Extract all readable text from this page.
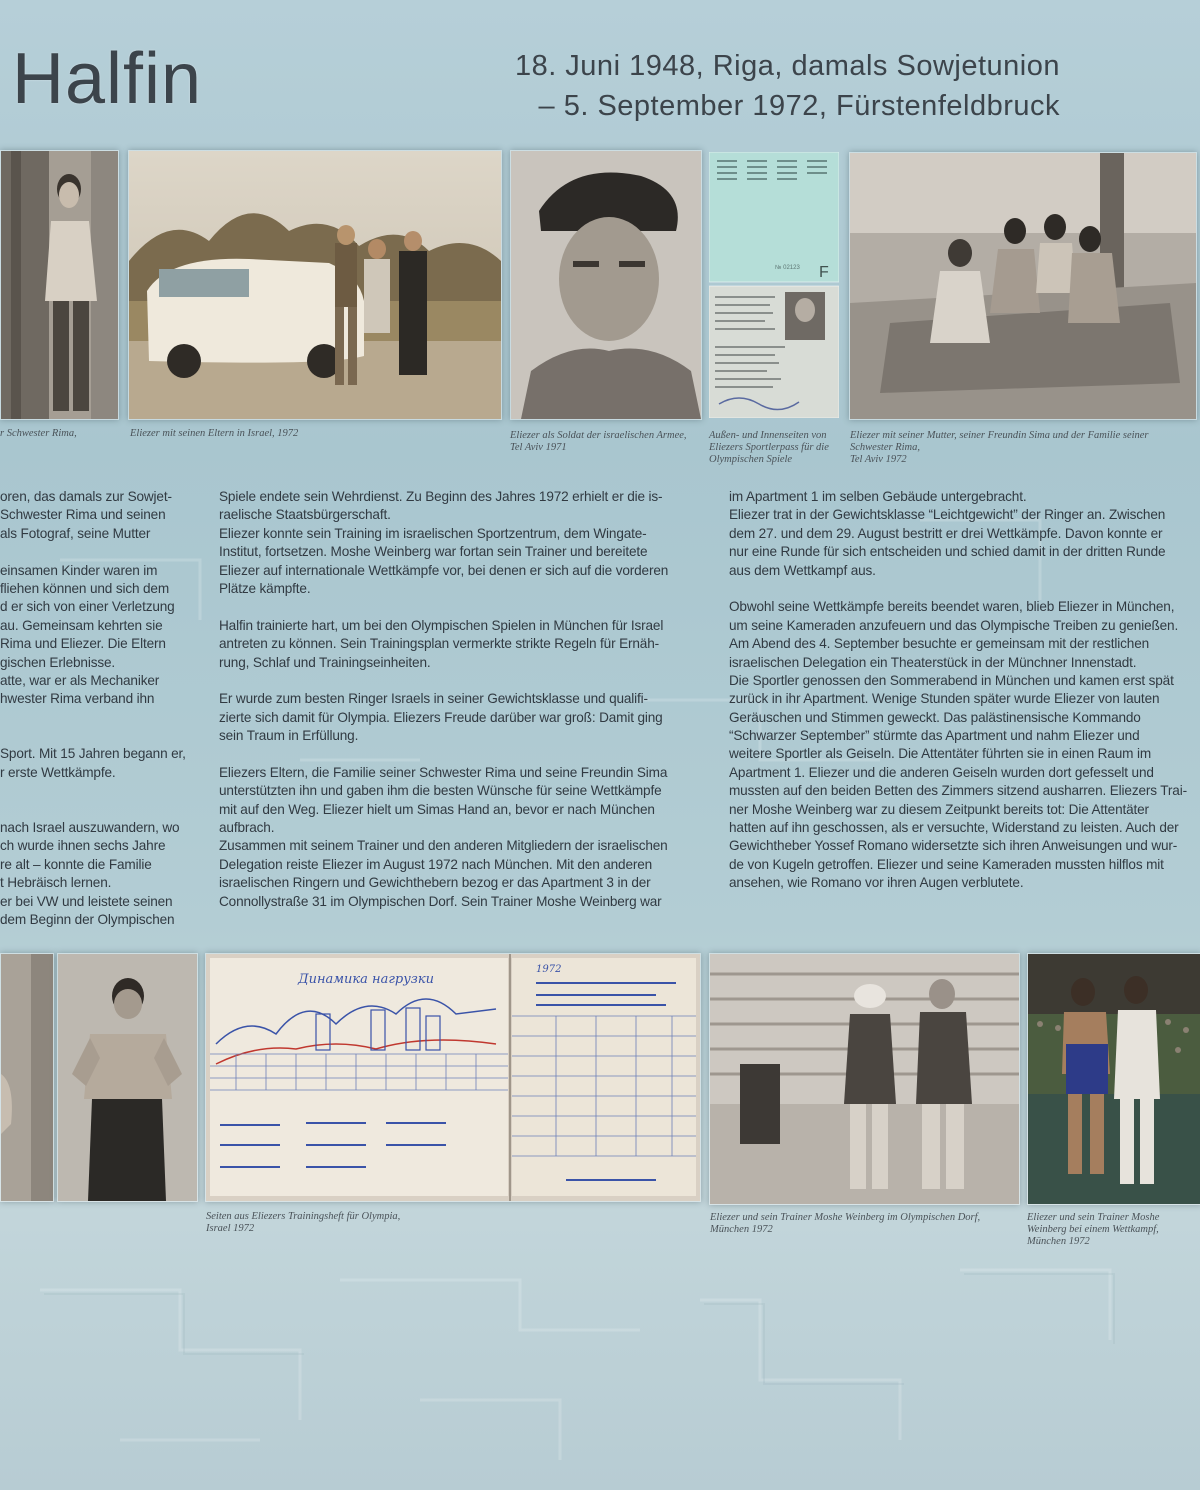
Halfin	18. Juni 1948, Riga, damals Sowjetunion
– 5. September 1972, Fürstenfeldbruck
r Schwester Rima,	Eliezer mit seinen Eltern in Israel, 1972	Eliezer als Soldat der israelischen Armee,
Tel Aviv 1971
№ 02123 F
Außen- und Innenseiten von
Eliezers Sportlerpass für die
Olympischen Spiele
Eliezer mit seiner Mutter, seiner Freundin Sima und der Familie seiner
Schwester Rima,
Tel Aviv 1972
oren, das damals zur Sowjet-
Schwester Rima und seinen
als Fotograf, seine Mutter
einsamen Kinder waren im
fliehen können und sich dem
d er sich von einer Verletzung
au. Gemeinsam kehrten sie
Rima und Eliezer. Die Eltern
gischen Erlebnisse.
atte, war er als Mechaniker
hwester Rima verband ihn
Sport. Mit 15 Jahren begann er,
r erste Wettkämpfe.
nach Israel auszuwandern, wo
ch wurde ihnen sechs Jahre
re alt – konnte die Familie
t Hebräisch lernen.
er bei VW und leistete seinen
dem Beginn der Olympischen
Spiele endete sein Wehrdienst. Zu Beginn des Jahres 1972 erhielt er die is-
raelische Staatsbürgerschaft.
Eliezer konnte sein Training im israelischen Sportzentrum, dem Wingate-
Institut, fortsetzen. Moshe Weinberg war fortan sein Trainer und bereitete
Eliezer auf internationale Wettkämpfe vor, bei denen er sich auf die vorderen
Plätze kämpfte.
Halfin trainierte hart, um bei den Olympischen Spielen in München für Israel
antreten zu können. Sein Trainingsplan vermerkte strikte Regeln für Ernäh-
rung, Schlaf und Trainingseinheiten.
Er wurde zum besten Ringer Israels in seiner Gewichtsklasse und qualifi-
zierte sich damit für Olympia. Eliezers Freude darüber war groß: Damit ging
sein Traum in Erfüllung.
Eliezers Eltern, die Familie seiner Schwester Rima und seine Freundin Sima
unterstützten ihn und gaben ihm die besten Wünsche für seine Wettkämpfe
mit auf den Weg. Eliezer hielt um Simas Hand an, bevor er nach München
aufbrach.
Zusammen mit seinem Trainer und den anderen Mitgliedern der israelischen
Delegation reiste Eliezer im August 1972 nach München. Mit den anderen
israelischen Ringern und Gewichthebern bezog er das Apartment 3 in der
Connollystraße 31 im Olympischen Dorf. Sein Trainer Moshe Weinberg war
im Apartment 1 im selben Gebäude untergebracht.
Eliezer trat in der Gewichtsklasse “Leichtgewicht” der Ringer an. Zwischen
dem 27. und dem 29. August bestritt er drei Wettkämpfe. Davon konnte er
nur eine Runde für sich entscheiden und schied damit in der dritten Runde
aus dem Wettkampf aus.
Obwohl seine Wettkämpfe bereits beendet waren, blieb Eliezer in München,
um seine Kameraden anzufeuern und das Olympische Treiben zu genießen.
Am Abend des 4. September besuchte er gemeinsam mit der restlichen
israelischen Delegation ein Theaterstück in der Münchner Innenstadt.
Die Sportler genossen den Sommerabend in München und kamen erst spät
zurück in ihr Apartment. Wenige Stunden später wurde Eliezer von lauten
Geräuschen und Stimmen geweckt. Das palästinensische Kommando
“Schwarzer September” stürmte das Apartment und nahm Eliezer und
weitere Sportler als Geiseln. Die Attentäter führten sie in einen Raum im
Apartment 1. Eliezer und die anderen Geiseln wurden dort gefesselt und
mussten auf den beiden Betten des Zimmers sitzend ausharren. Eliezers Trai-
ner Moshe Weinberg war zu diesem Zeitpunkt bereits tot: Die Attentäter
hatten auf ihn geschossen, als er versuchte, Widerstand zu leisten. Auch der
Gewichtheber Yossef Romano widersetzte sich ihren Anweisungen und wur-
de von Kugeln getroffen. Eliezer und seine Kameraden mussten hilflos mit
ansehen, wie Romano vor ihren Augen verblutete.
Динамика нагрузки
1972
Seiten aus Eliezers Trainingsheft für Olympia,
Israel 1972
Eliezer und sein Trainer Moshe Weinberg im Olympischen Dorf,
München 1972
Eliezer und sein Trainer Moshe
Weinberg bei einem Wettkampf,
München 1972
